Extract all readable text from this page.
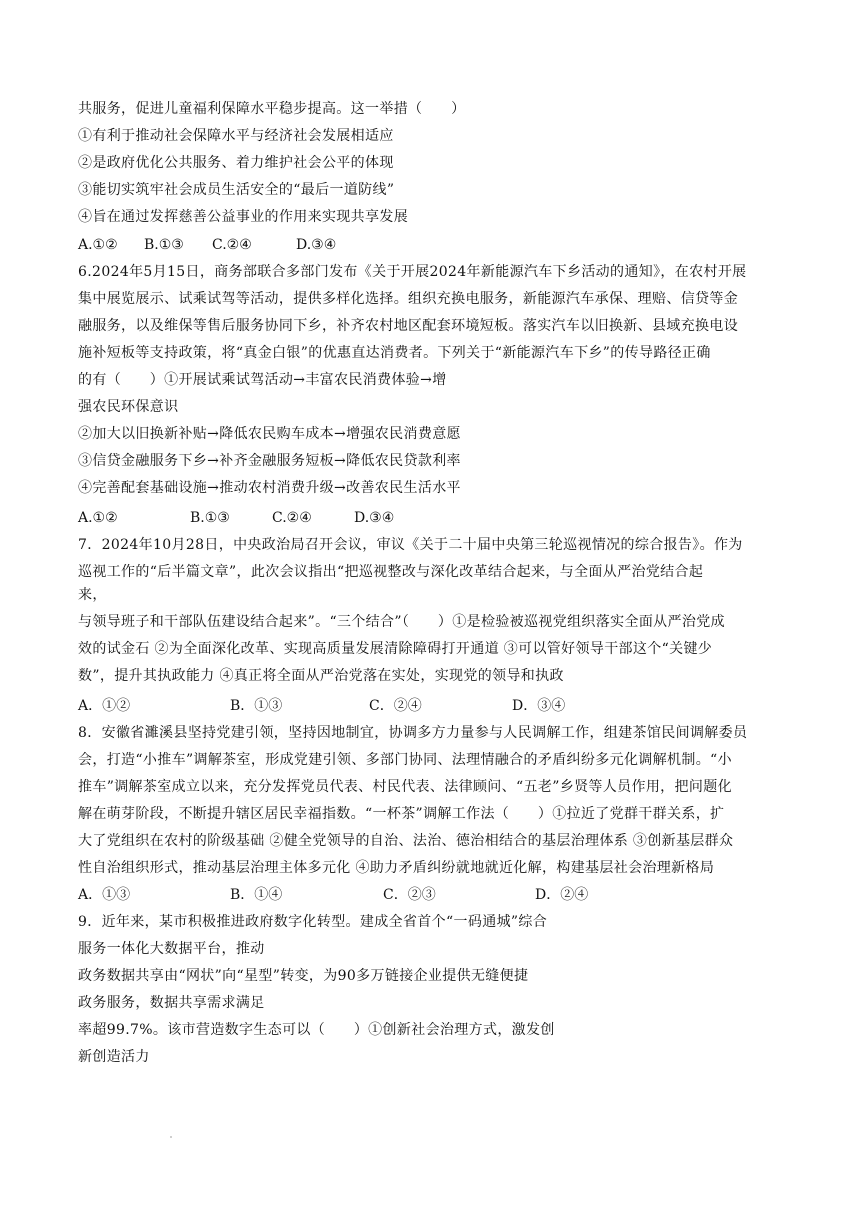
共服务，促进儿童福利保障水平稳步提高。这一举措（　　）
①有利于推动社会保障水平与经济社会发展相适应
②是政府优化公共服务、着力维护社会公平的体现
③能切实筑牢社会成员生活安全的“最后一道防线”
④旨在通过发挥慈善公益事业的作用来实现共享发展
A.①② B.①③ C.②④	D.③④
6.2024年5月15日，商务部联合多部门发布《关于开展2024年新能源汽车下乡活动的通知》，在农村开展
集中展览展示、试乘试驾等活动，提供多样化选择。组织充换电服务，新能源汽车承保、理赔、信贷等金
融服务，以及维保等售后服务协同下乡，补齐农村地区配套环境短板。落实汽车以旧换新、县域充换电设
施补短板等支持政策，将“真金白银”的优惠直达消费者。下列关于“新能源汽车下乡”的传导路径正确
的有（　　）①开展试乘试驾活动→丰富农民消费体验→增
强农民环保意识
②加大以旧换新补贴→降低农民购车成本→增强农民消费意愿
③信贷金融服务下乡→补齐金融服务短板→降低农民贷款利率
④完善配套基础设施→推动农村消费升级→改善农民生活水平
A.①②	B.①③	C.②④	D.③④
7．2024年10月28日，中央政治局召开会议，审议《关于二十届中央第三轮巡视情况的综合报告》。作为
巡视工作的“后半篇文章”，此次会议指出“把巡视整改与深化改革结合起来，与全面从严治党结合起
来，
与领导班子和干部队伍建设结合起来”。“三个结合”（　　）①是检验被巡视党组织落实全面从严治党成
效的试金石 ②为全面深化改革、实现高质量发展清除障碍打开通道 ③可以管好领导干部这个“关键少
数”，提升其执政能力 ④真正将全面从严治党落在实处，实现党的领导和执政
A．①②	B．①③	C．②④	D．③④
8．安徽省濉溪县坚持党建引领，坚持因地制宜，协调多方力量参与人民调解工作，组建茶馆民间调解委员
会，打造“小推车”调解茶室，形成党建引领、多部门协同、法理情融合的矛盾纠纷多元化调解机制。“小
推车”调解茶室成立以来，充分发挥党员代表、村民代表、法律顾问、“五老”乡贤等人员作用，把问题化
解在萌芽阶段，不断提升辖区居民幸福指数。“一杯茶”调解工作法（　　）①拉近了党群干群关系，扩
大了党组织在农村的阶级基础 ②健全党领导的自治、法治、德治相结合的基层治理体系 ③创新基层群众
性自治组织形式，推动基层治理主体多元化 ④助力矛盾纠纷就地就近化解，构建基层社会治理新格局
A．①③	B．①④	C．②③	D．②④
9．近年来，某市积极推进政府数字化转型。建成全省首个“一码通城”综合
服务一体化大数据平台，推动
政务数据共享由“网状”向“星型”转变，为90多万链接企业提供无缝便捷
政务服务，数据共享需求满足
率超99.7%。该市营造数字生态可以（　　）①创新社会治理方式，激发创
新创造活力
